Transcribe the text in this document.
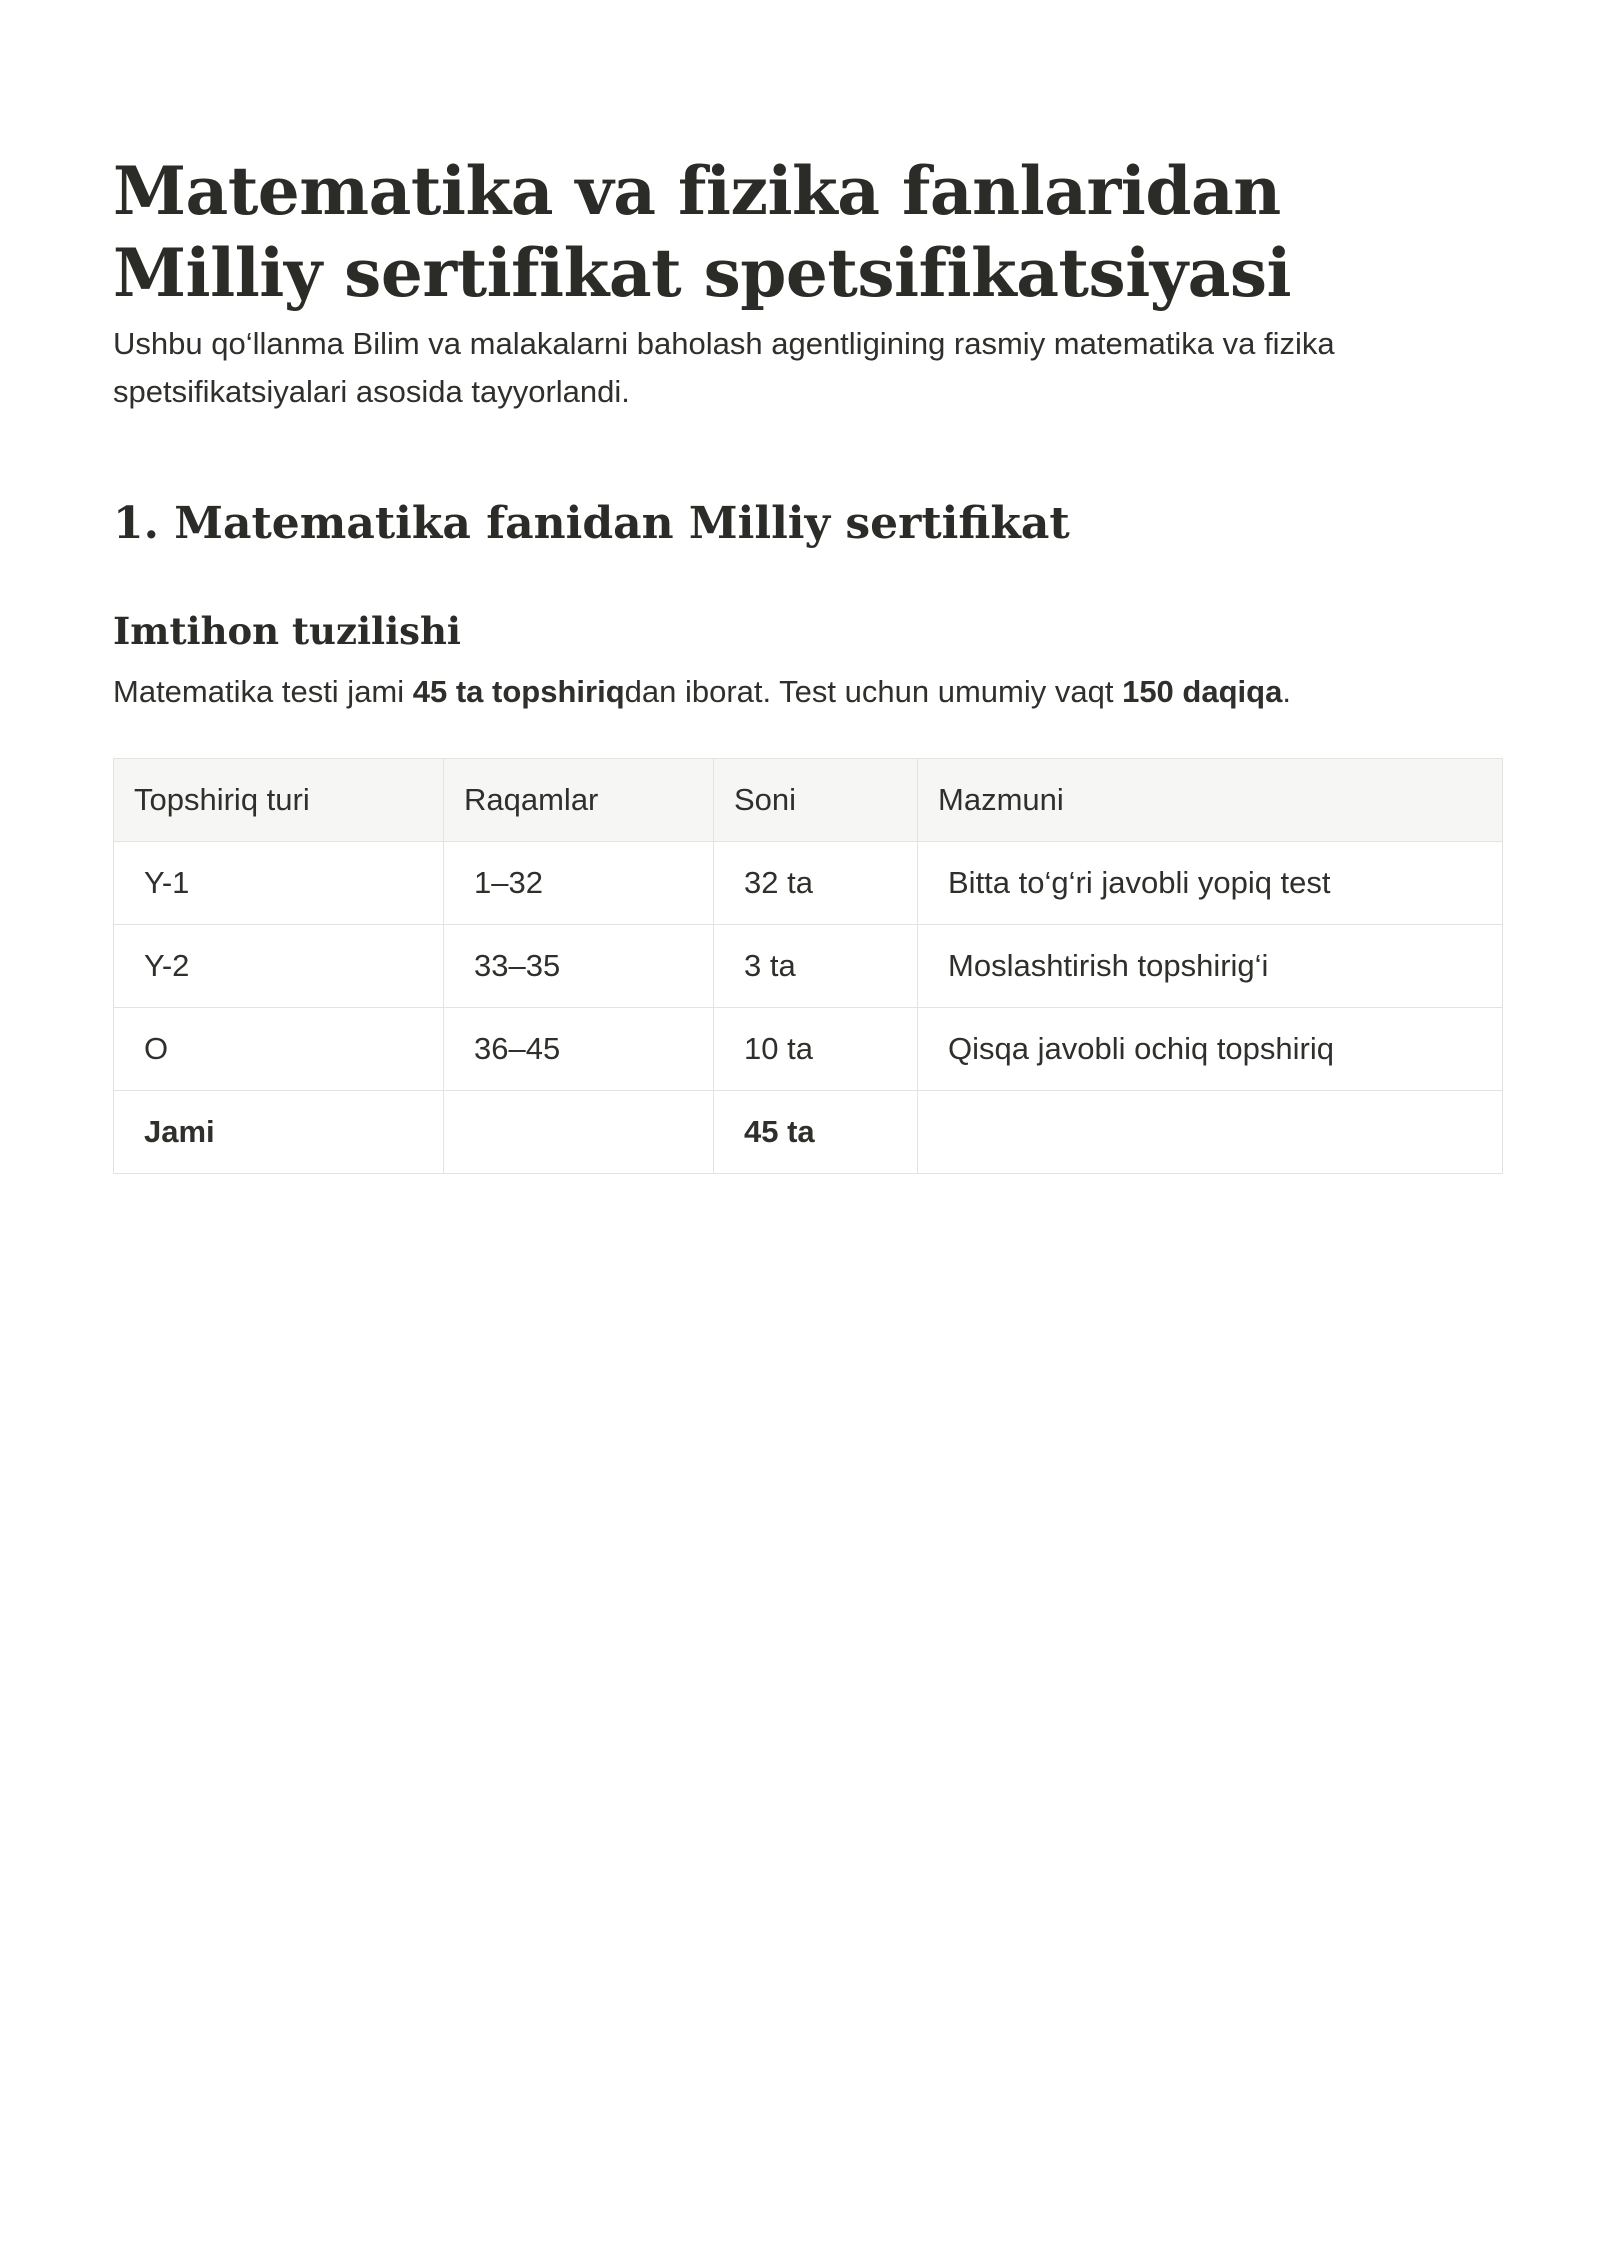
Matematika va fizika fanlaridan Milliy sertifikat spetsifikatsiyasi

Ushbu qo‘llanma Bilim va malakalarni baholash agentligining rasmiy matematika va fizika spetsifikatsiyalari asosida tayyorlandi.

1. Matematika fanidan Milliy sertifikat
Imtihon tuzilishi

Matematika testi jami 45 ta topshiriqdan iborat. Test uchun umumiy vaqt 150 daqiqa.

Topshiriq turi	Raqamlar	Soni	Mazmuni
Y-1	1–32	32 ta	Bitta to‘g‘ri javobli yopiq test
Y-2	33–35	3 ta	Moslashtirish topshirig‘i
O	36–45	10 ta	Qisqa javobli ochiq topshiriq
Jami		45 ta	
